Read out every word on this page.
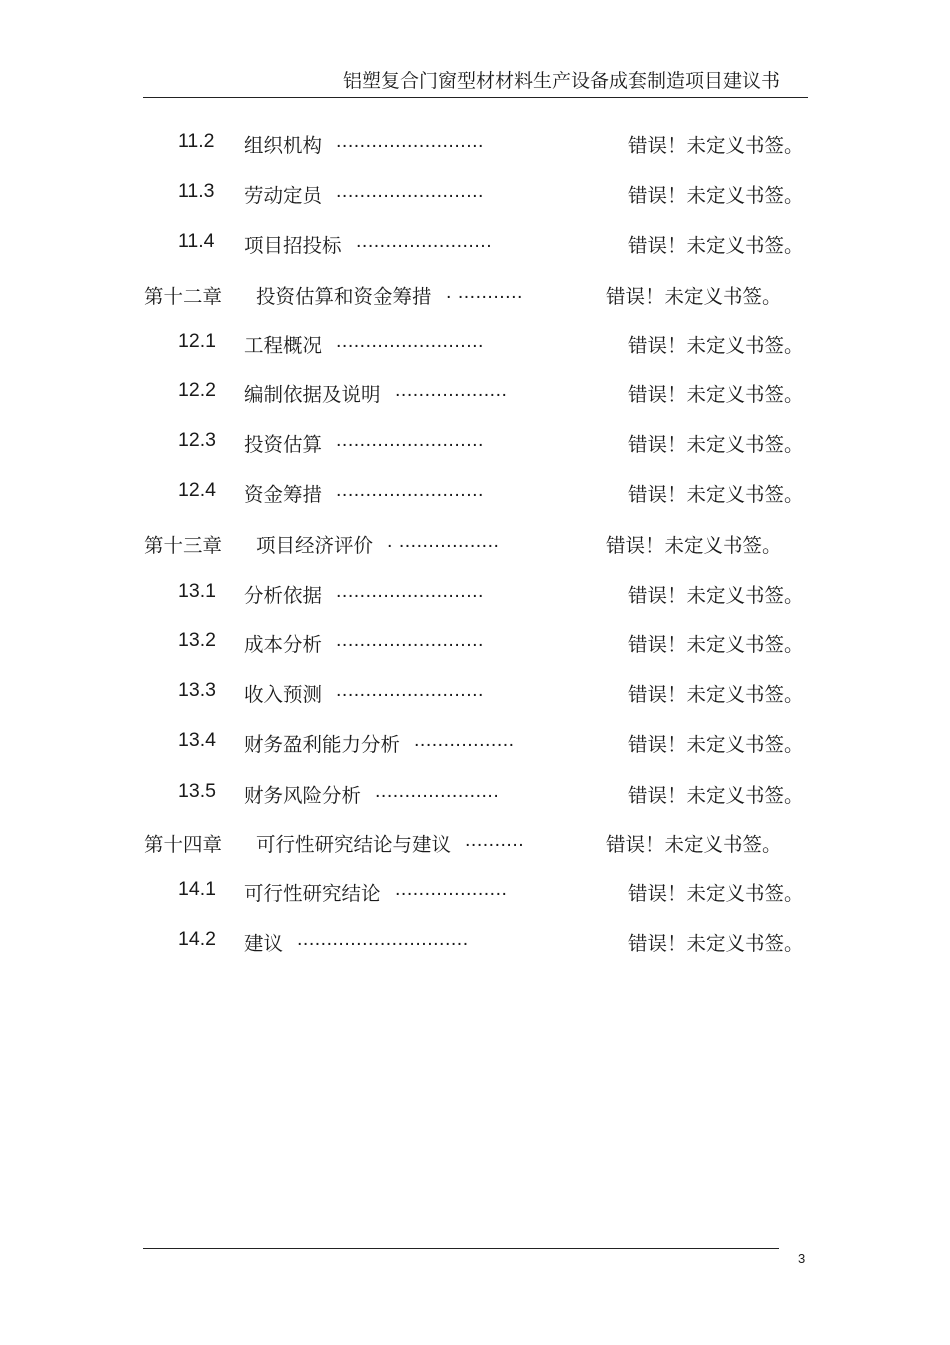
铝塑复合门窗型材材料生产设备成套制造项目建议书
11.2 组织机构 .........................	错误！未定义书签。
11.3 劳动定员 .........................	错误！未定义书签。
11.4 项目招投标 .......................	错误！未定义书签。
第十二章 投资估算和资金筹措 . ...........	错误！未定义书签。
12.1 工程概况 .........................	错误！未定义书签。
12.2 编制依据及说明 ...................	错误！未定义书签。
12.3 投资估算 .........................	错误！未定义书签。
12.4 资金筹措 .........................	错误！未定义书签。
第十三章 项目经济评价 . .................	错误！未定义书签。
13.1 分析依据 .........................	错误！未定义书签。
13.2 成本分析 .........................	错误！未定义书签。
13.3 收入预测 .........................	错误！未定义书签。
13.4 财务盈利能力分析 .................	错误！未定义书签。
13.5 财务风险分析 .....................	错误！未定义书签。
第十四章 可行性研究结论与建议 ..........	错误！未定义书签。
14.1 可行性研究结论 ...................	错误！未定义书签。
14.2 建议 .............................	错误！未定义书签。
3
